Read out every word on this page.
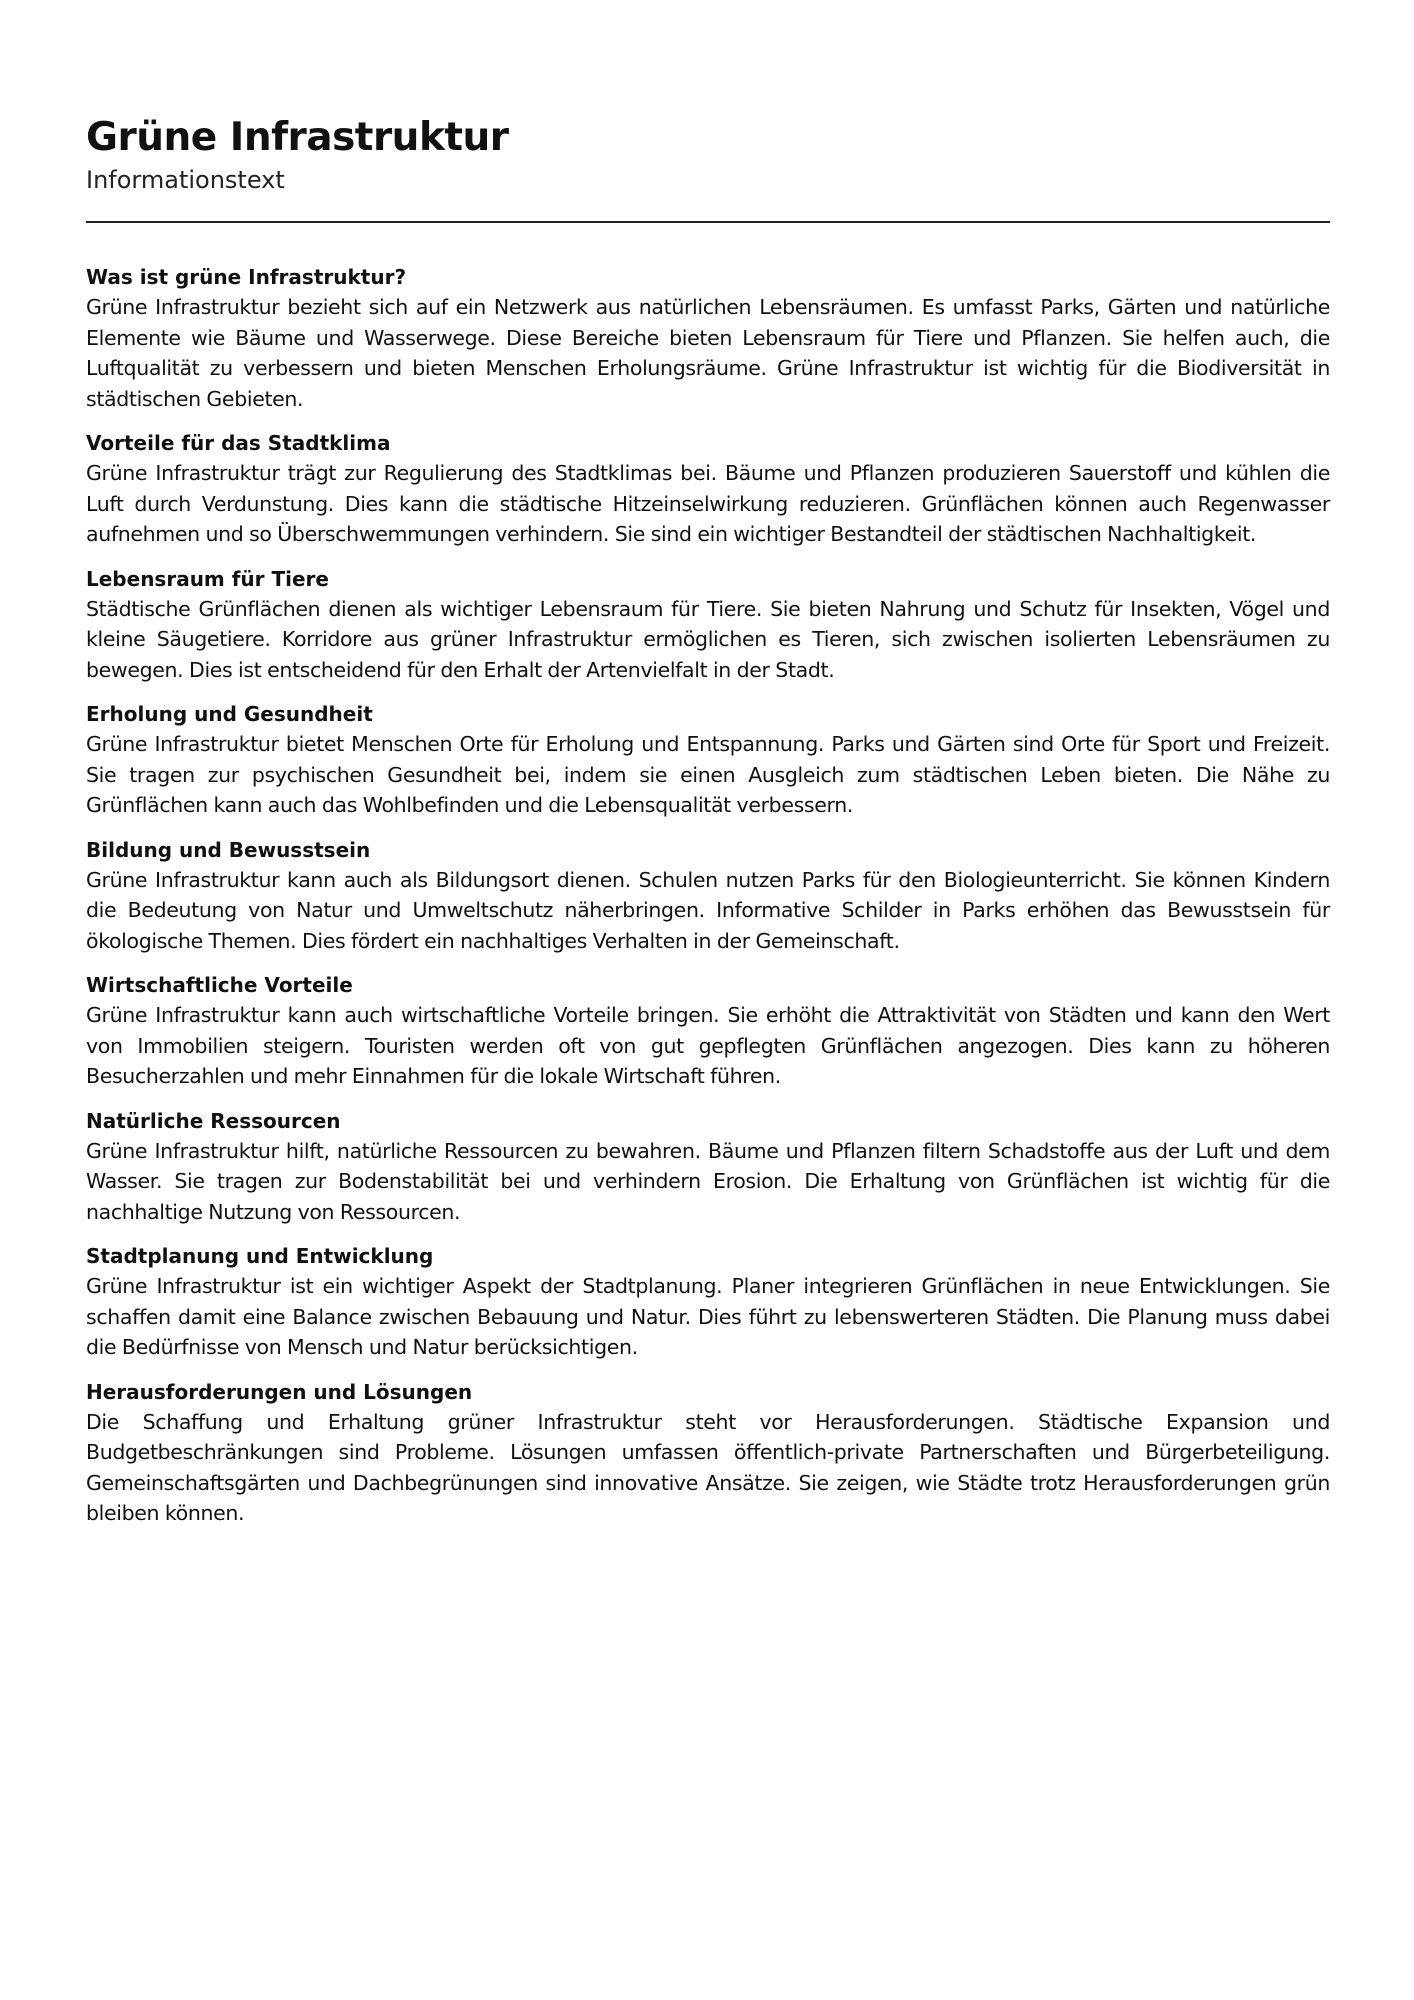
Grüne Infrastruktur
Informationstext
Was ist grüne Infrastruktur?

Grüne Infrastruktur bezieht sich auf ein Netzwerk aus natürlichen Lebensräumen. Es umfasst Parks, Gärten und natürliche Elemente wie Bäume und Wasserwege. Diese Bereiche bieten Lebensraum für Tiere und Pflanzen. Sie helfen auch, die Luftqualität zu verbessern und bieten Menschen Erholungsräume. Grüne Infrastruktur ist wichtig für die Biodiversität in städtischen Gebieten.

Vorteile für das Stadtklima

Grüne Infrastruktur trägt zur Regulierung des Stadtklimas bei. Bäume und Pflanzen produzieren Sauerstoff und kühlen die Luft durch Verdunstung. Dies kann die städtische Hitzeinselwirkung reduzieren. Grünflächen können auch Regenwasser aufnehmen und so Überschwemmungen verhindern. Sie sind ein wichtiger Bestandteil der städtischen Nachhaltigkeit.

Lebensraum für Tiere

Städtische Grünflächen dienen als wichtiger Lebensraum für Tiere. Sie bieten Nahrung und Schutz für Insekten, Vögel und kleine Säugetiere. Korridore aus grüner Infrastruktur ermöglichen es Tieren, sich zwischen isolierten Lebensräumen zu bewegen. Dies ist entscheidend für den Erhalt der Artenvielfalt in der Stadt.

Erholung und Gesundheit

Grüne Infrastruktur bietet Menschen Orte für Erholung und Entspannung. Parks und Gärten sind Orte für Sport und Freizeit. Sie tragen zur psychischen Gesundheit bei, indem sie einen Ausgleich zum städtischen Leben bieten. Die Nähe zu Grünflächen kann auch das Wohlbefinden und die Lebensqualität verbessern.

Bildung und Bewusstsein

Grüne Infrastruktur kann auch als Bildungsort dienen. Schulen nutzen Parks für den Biologieunterricht. Sie können Kindern die Bedeutung von Natur und Umweltschutz näherbringen. Informative Schilder in Parks erhöhen das Bewusstsein für ökologische Themen. Dies fördert ein nachhaltiges Verhalten in der Gemeinschaft.

Wirtschaftliche Vorteile

Grüne Infrastruktur kann auch wirtschaftliche Vorteile bringen. Sie erhöht die Attraktivität von Städten und kann den Wert von Immobilien steigern. Touristen werden oft von gut gepflegten Grünflächen angezogen. Dies kann zu höheren Besucherzahlen und mehr Einnahmen für die lokale Wirtschaft führen.

Natürliche Ressourcen

Grüne Infrastruktur hilft, natürliche Ressourcen zu bewahren. Bäume und Pflanzen filtern Schadstoffe aus der Luft und dem Wasser. Sie tragen zur Bodenstabilität bei und verhindern Erosion. Die Erhaltung von Grünflächen ist wichtig für die nachhaltige Nutzung von Ressourcen.

Stadtplanung und Entwicklung

Grüne Infrastruktur ist ein wichtiger Aspekt der Stadtplanung. Planer integrieren Grünflächen in neue Entwicklungen. Sie schaffen damit eine Balance zwischen Bebauung und Natur. Dies führt zu lebenswerteren Städten. Die Planung muss dabei die Bedürfnisse von Mensch und Natur berücksichtigen.

Herausforderungen und Lösungen

Die Schaffung und Erhaltung grüner Infrastruktur steht vor Herausforderungen. Städtische Expansion und Budgetbeschränkungen sind Probleme. Lösungen umfassen öffentlich-private Partnerschaften und Bürgerbeteiligung. Gemeinschaftsgärten und Dachbegrünungen sind innovative Ansätze. Sie zeigen, wie Städte trotz Herausforderungen grün bleiben können.
